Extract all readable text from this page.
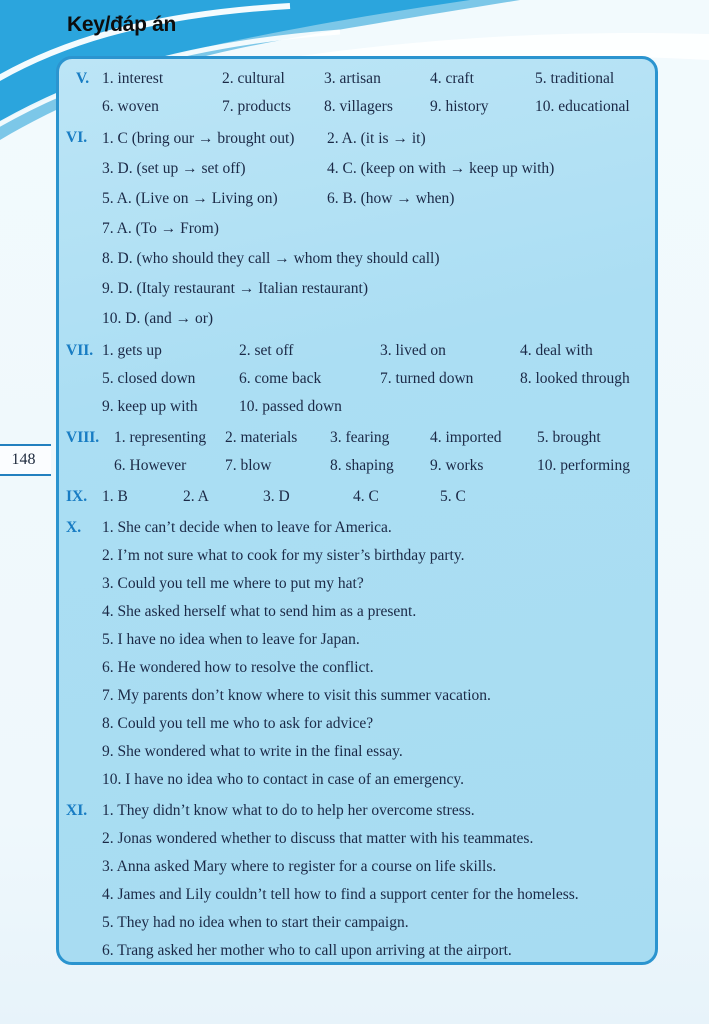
Key/đáp án
148
V. 1. interest	2. cultural	3. artisan	4. craft	5. traditional
6. woven	7. products	8. villagers	9. history	10. educational
VI. 1. C (bring our → brought out)	2. A. (it is → it)
3. D. (set up → set off)	4. C. (keep on with → keep up with)
5. A. (Live on → Living on)	6. B. (how → when)
7. A. (To → From)
8. D. (who should they call → whom they should call)
9. D. (Italy restaurant → Italian restaurant)
10. D. (and → or)
VII. 1. gets up	2. set off	3. lived on	4. deal with
5. closed down	6. come back	7. turned down	8. looked through
9. keep up with	10. passed down
VIII. 1. representing	2. materials	3. fearing	4. imported	5. brought
6. However	7. blow	8. shaping	9. works	10. performing
IX. 1. B	2. A	3. D	4. C	5. C
X. 1. She can’t decide when to leave for America.
2. I’m not sure what to cook for my sister’s birthday party.
3. Could you tell me where to put my hat?
4. She asked herself what to send him as a present.
5. I have no idea when to leave for Japan.
6. He wondered how to resolve the conflict.
7. My parents don’t know where to visit this summer vacation.
8. Could you tell me who to ask for advice?
9. She wondered what to write in the final essay.
10. I have no idea who to contact in case of an emergency.
XI. 1. They didn’t know what to do to help her overcome stress.
2. Jonas wondered whether to discuss that matter with his teammates.
3. Anna asked Mary where to register for a course on life skills.
4. James and Lily couldn’t tell how to find a support center for the homeless.
5. They had no idea when to start their campaign.
6. Trang asked her mother who to call upon arriving at the airport.
